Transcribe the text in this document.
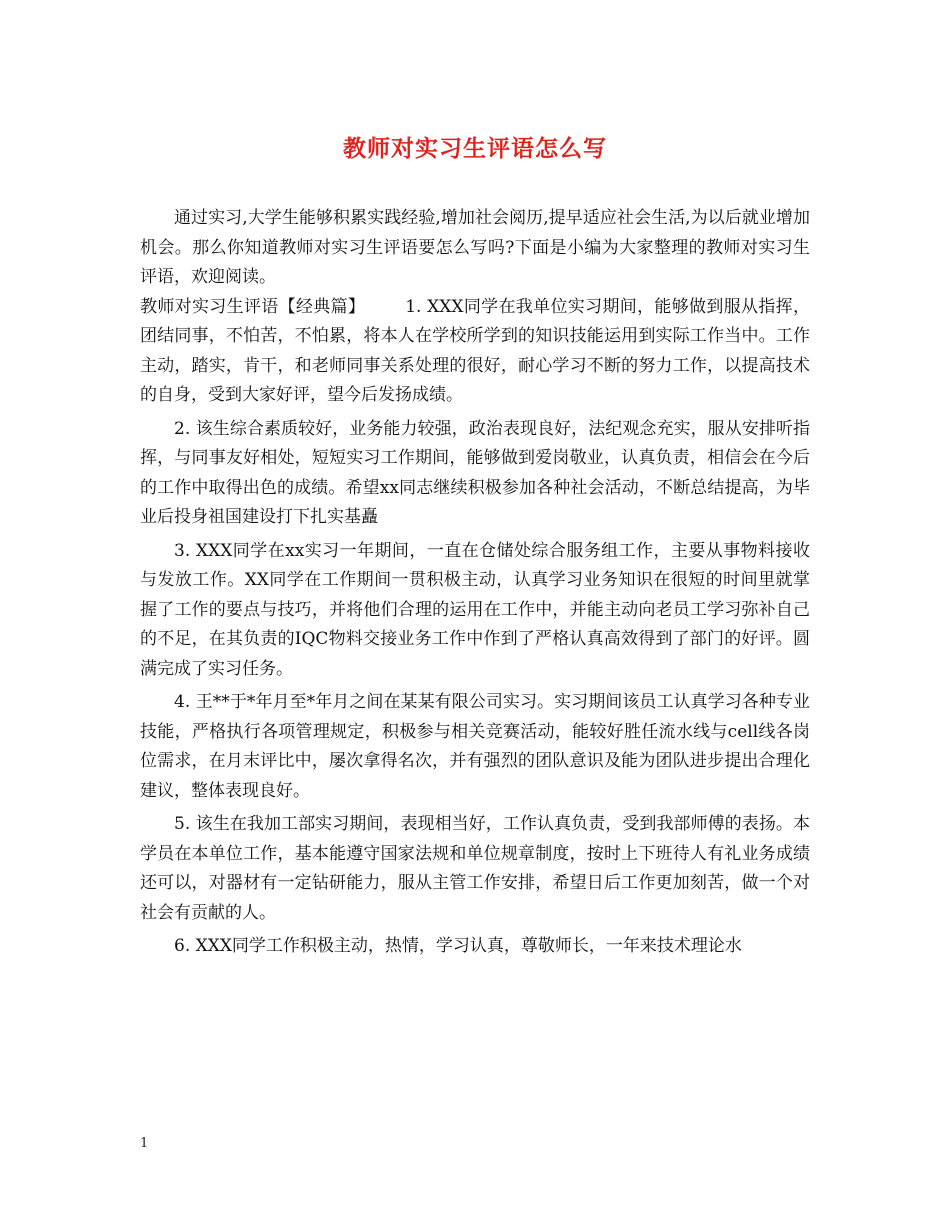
教师对实习生评语怎么写

通过实习,大学生能够积累实践经验,增加社会阅历,提早适应社会生活,为以后就业增加机会。那么你知道教师对实习生评语要怎么写吗?下面是小编为大家整理的教师对实习生评语，欢迎阅读。

教师对实习生评语【经典篇】 1. XXX同学在我单位实习期间，能够做到服从指挥，团结同事，不怕苦，不怕累，将本人在学校所学到的知识技能运用到实际工作当中。工作主动，踏实，肯干，和老师同事关系处理的很好，耐心学习不断的努力工作，以提高技术的自身，受到大家好评，望今后发扬成绩。

2. 该生综合素质较好，业务能力较强，政治表现良好，法纪观念充实，服从安排听指挥，与同事友好相处，短短实习工作期间，能够做到爱岗敬业，认真负责，相信会在今后的工作中取得出色的成绩。希望xx同志继续积极参加各种社会活动，不断总结提高，为毕业后投身祖国建设打下扎实基矗

3. XXX同学在xx实习一年期间，一直在仓储处综合服务组工作，主要从事物料接收与发放工作。XX同学在工作期间一贯积极主动，认真学习业务知识在很短的时间里就掌握了工作的要点与技巧，并将他们合理的运用在工作中，并能主动向老员工学习弥补自己的不足，在其负责的IQC物料交接业务工作中作到了严格认真高效得到了部门的好评。圆满完成了实习任务。

4. 王**于*年月至*年月之间在某某有限公司实习。实习期间该员工认真学习各种专业技能，严格执行各项管理规定，积极参与相关竞赛活动，能较好胜任流水线与cell线各岗位需求，在月末评比中，屡次拿得名次，并有强烈的团队意识及能为团队进步提出合理化建议，整体表现良好。

5. 该生在我加工部实习期间，表现相当好，工作认真负责，受到我部师傅的表扬。本学员在本单位工作，基本能遵守国家法规和单位规章制度，按时上下班待人有礼业务成绩还可以，对器材有一定钻研能力，服从主管工作安排，希望日后工作更加刻苦，做一个对社会有贡献的人。

6. XXX同学工作积极主动，热情，学习认真，尊敬师长，一年来技术理论水

1
